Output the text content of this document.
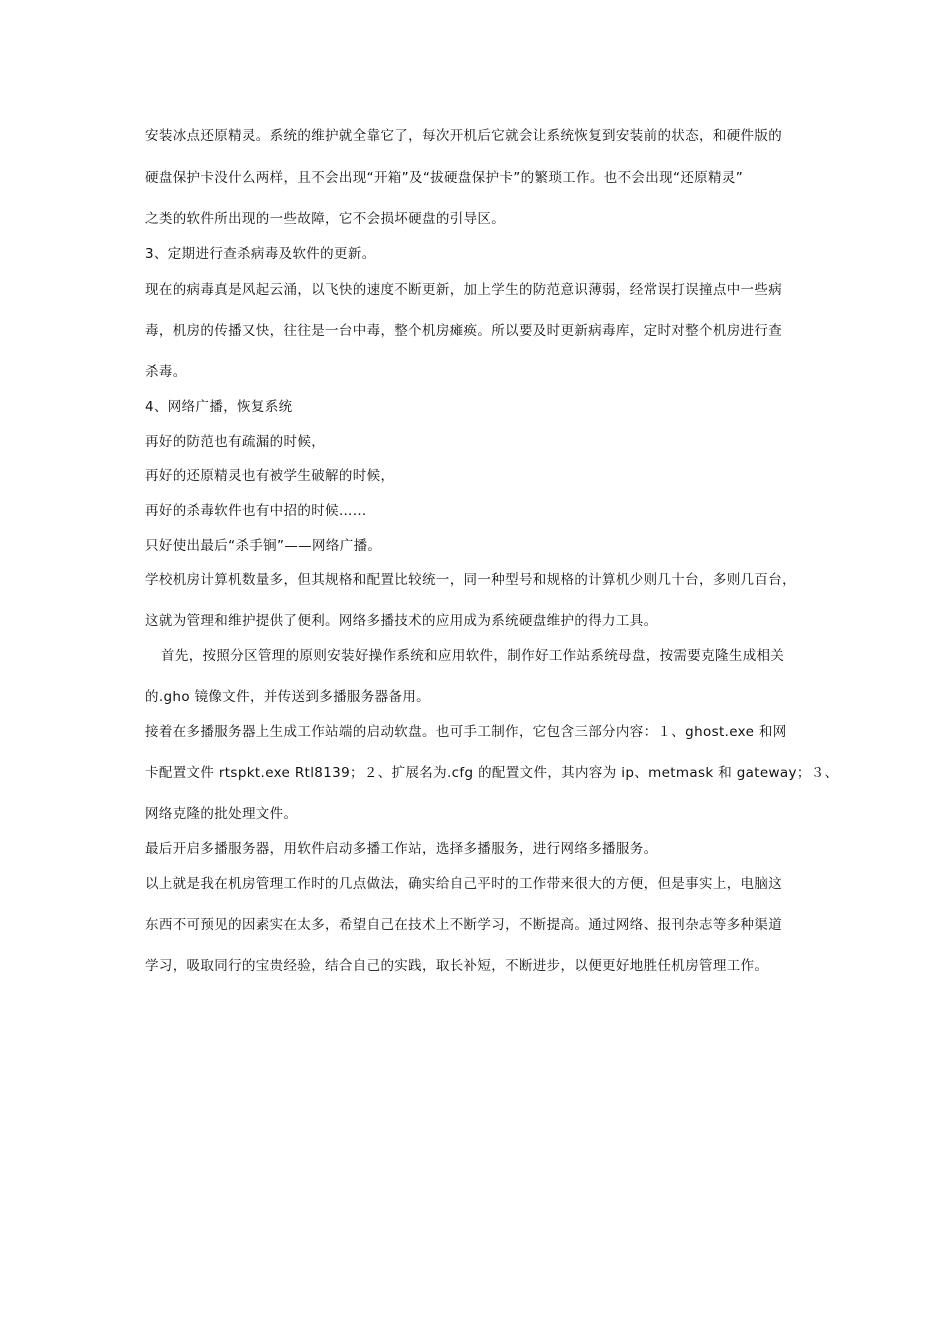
安装冰点还原精灵。系统的维护就全靠它了，每次开机后它就会让系统恢复到安装前的状态，和硬件版的
硬盘保护卡没什么两样，且不会出现“开箱”及“拔硬盘保护卡”的繁琐工作。也不会出现“还原精灵”
之类的软件所出现的一些故障，它不会损坏硬盘的引导区。
3、定期进行查杀病毒及软件的更新。
现在的病毒真是风起云涌，以飞快的速度不断更新，加上学生的防范意识薄弱，经常误打误撞点中一些病
毒，机房的传播又快，往往是一台中毒，整个机房瘫痪。所以要及时更新病毒库，定时对整个机房进行查
杀毒。
4、网络广播，恢复系统
再好的防范也有疏漏的时候，
再好的还原精灵也有被学生破解的时候，
再好的杀毒软件也有中招的时候……
只好使出最后“杀手锏”——网络广播。
学校机房计算机数量多，但其规格和配置比较统一，同一种型号和规格的计算机少则几十台，多则几百台，
这就为管理和维护提供了便利。网络多播技术的应用成为系统硬盘维护的得力工具。
首先，按照分区管理的原则安装好操作系统和应用软件，制作好工作站系统母盘，按需要克隆生成相关
的.gho 镜像文件，并传送到多播服务器备用。
接着在多播服务器上生成工作站端的启动软盘。也可手工制作，它包含三部分内容：１、ghost.exe 和网
卡配置文件 rtspkt.exe Rtl8139；２、扩展名为.cfg 的配置文件，其内容为 ip、metmask 和 gateway；３、
网络克隆的批处理文件。
最后开启多播服务器，用软件启动多播工作站，选择多播服务，进行网络多播服务。
以上就是我在机房管理工作时的几点做法，确实给自己平时的工作带来很大的方便，但是事实上，电脑这
东西不可预见的因素实在太多，希望自己在技术上不断学习，不断提高。通过网络、报刊杂志等多种渠道
学习，吸取同行的宝贵经验，结合自己的实践，取长补短，不断进步，以便更好地胜任机房管理工作。
